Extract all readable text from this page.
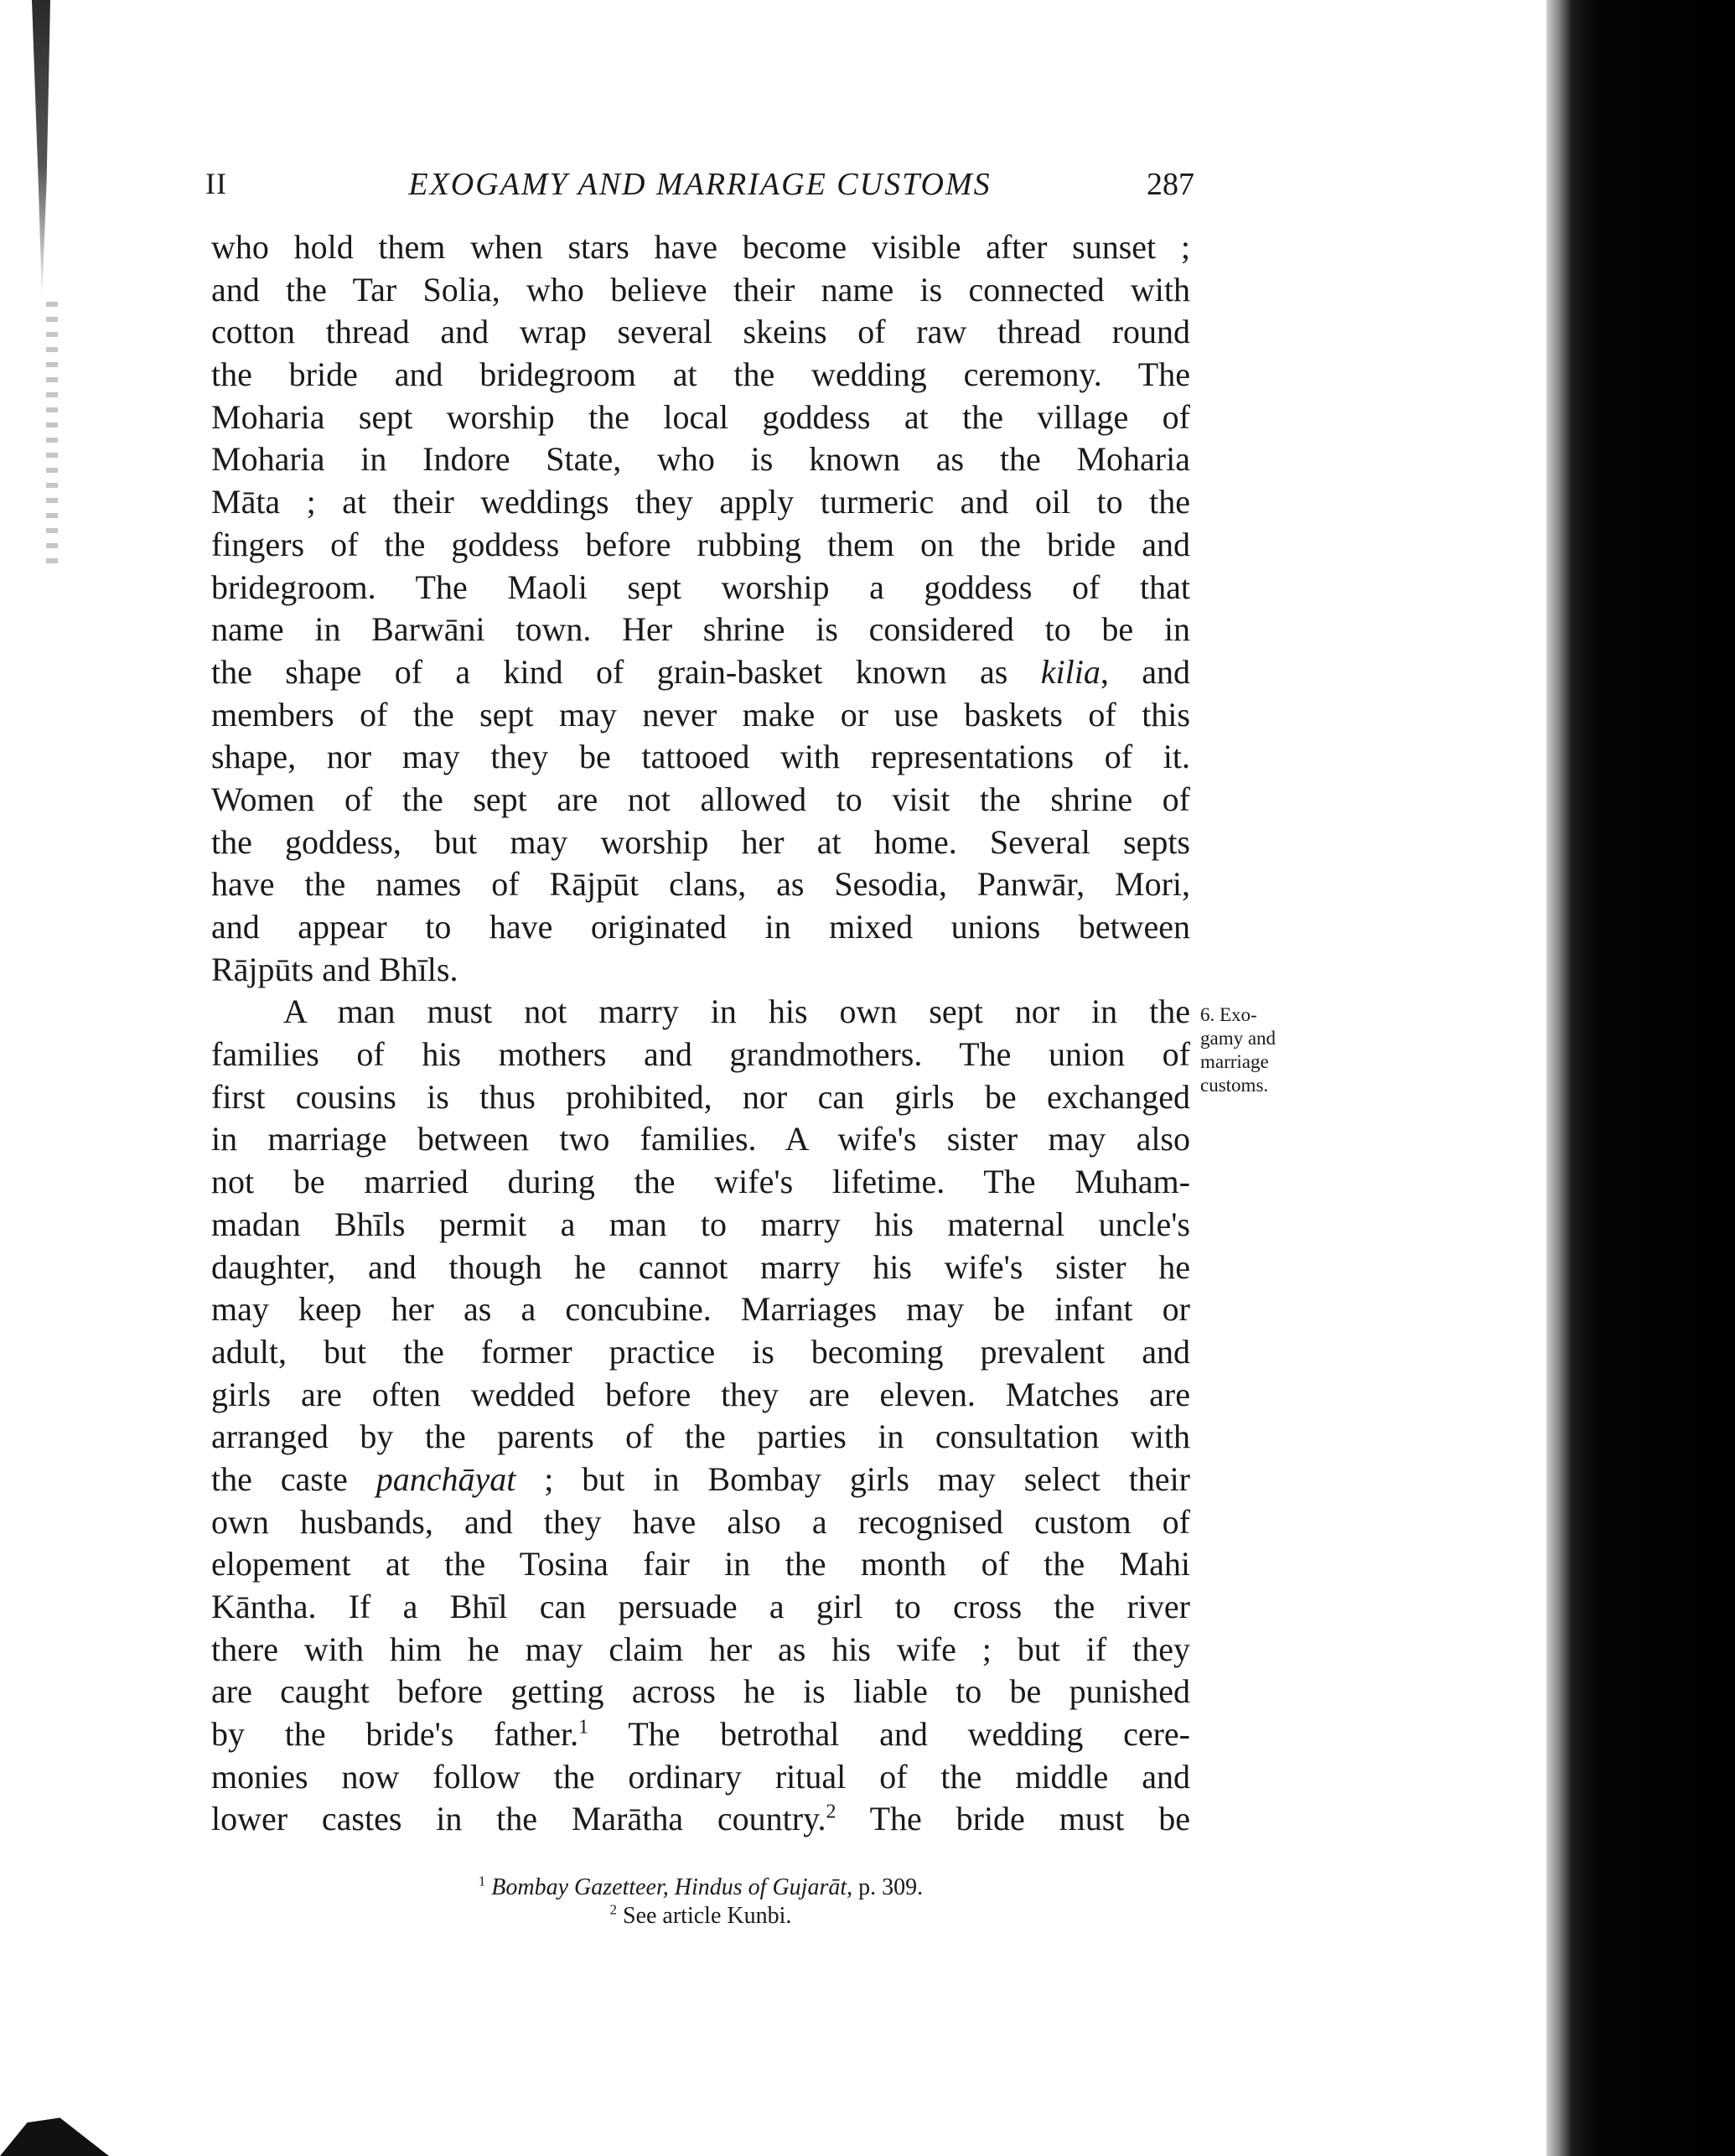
II	EXOGAMY AND MARRIAGE CUSTOMS	287
who hold them when stars have become visible after sunset ;
and the Tar Solia, who believe their name is connected with
cotton thread and wrap several skeins of raw thread round
the bride and bridegroom at the wedding ceremony. The
Moharia sept worship the local goddess at the village of
Moharia in Indore State, who is known as the Moharia
Māta ; at their weddings they apply turmeric and oil to the
fingers of the goddess before rubbing them on the bride and
bridegroom. The Maoli sept worship a goddess of that
name in Barwāni town. Her shrine is considered to be in
the shape of a kind of grain-basket known as kilia, and
members of the sept may never make or use baskets of this
shape, nor may they be tattooed with representations of it.
Women of the sept are not allowed to visit the shrine of
the goddess, but may worship her at home. Several septs
have the names of Rājpūt clans, as Sesodia, Panwār, Mori,
and appear to have originated in mixed unions between
Rājpūts and Bhīls.
A man must not marry in his own sept nor in the
families of his mothers and grandmothers. The union of
first cousins is thus prohibited, nor can girls be exchanged
in marriage between two families. A wife's sister may also
not be married during the wife's lifetime. The Muham-
madan Bhīls permit a man to marry his maternal uncle's
daughter, and though he cannot marry his wife's sister he
may keep her as a concubine. Marriages may be infant or
adult, but the former practice is becoming prevalent and
girls are often wedded before they are eleven. Matches are
arranged by the parents of the parties in consultation with
the caste panchāyat ; but in Bombay girls may select their
own husbands, and they have also a recognised custom of
elopement at the Tosina fair in the month of the Mahi
Kāntha. If a Bhīl can persuade a girl to cross the river
there with him he may claim her as his wife ; but if they
are caught before getting across he is liable to be punished
by the bride's father.$^1$ The betrothal and wedding cere-
monies now follow the ordinary ritual of the middle and
lower castes in the Marātha country.$^2$ The bride must be
6. Exo-
gamy and
marriage
customs.
$^1$ Bombay Gazetteer, Hindus of Gujarāt, p. 309.
$^2$ See article Kunbi.
